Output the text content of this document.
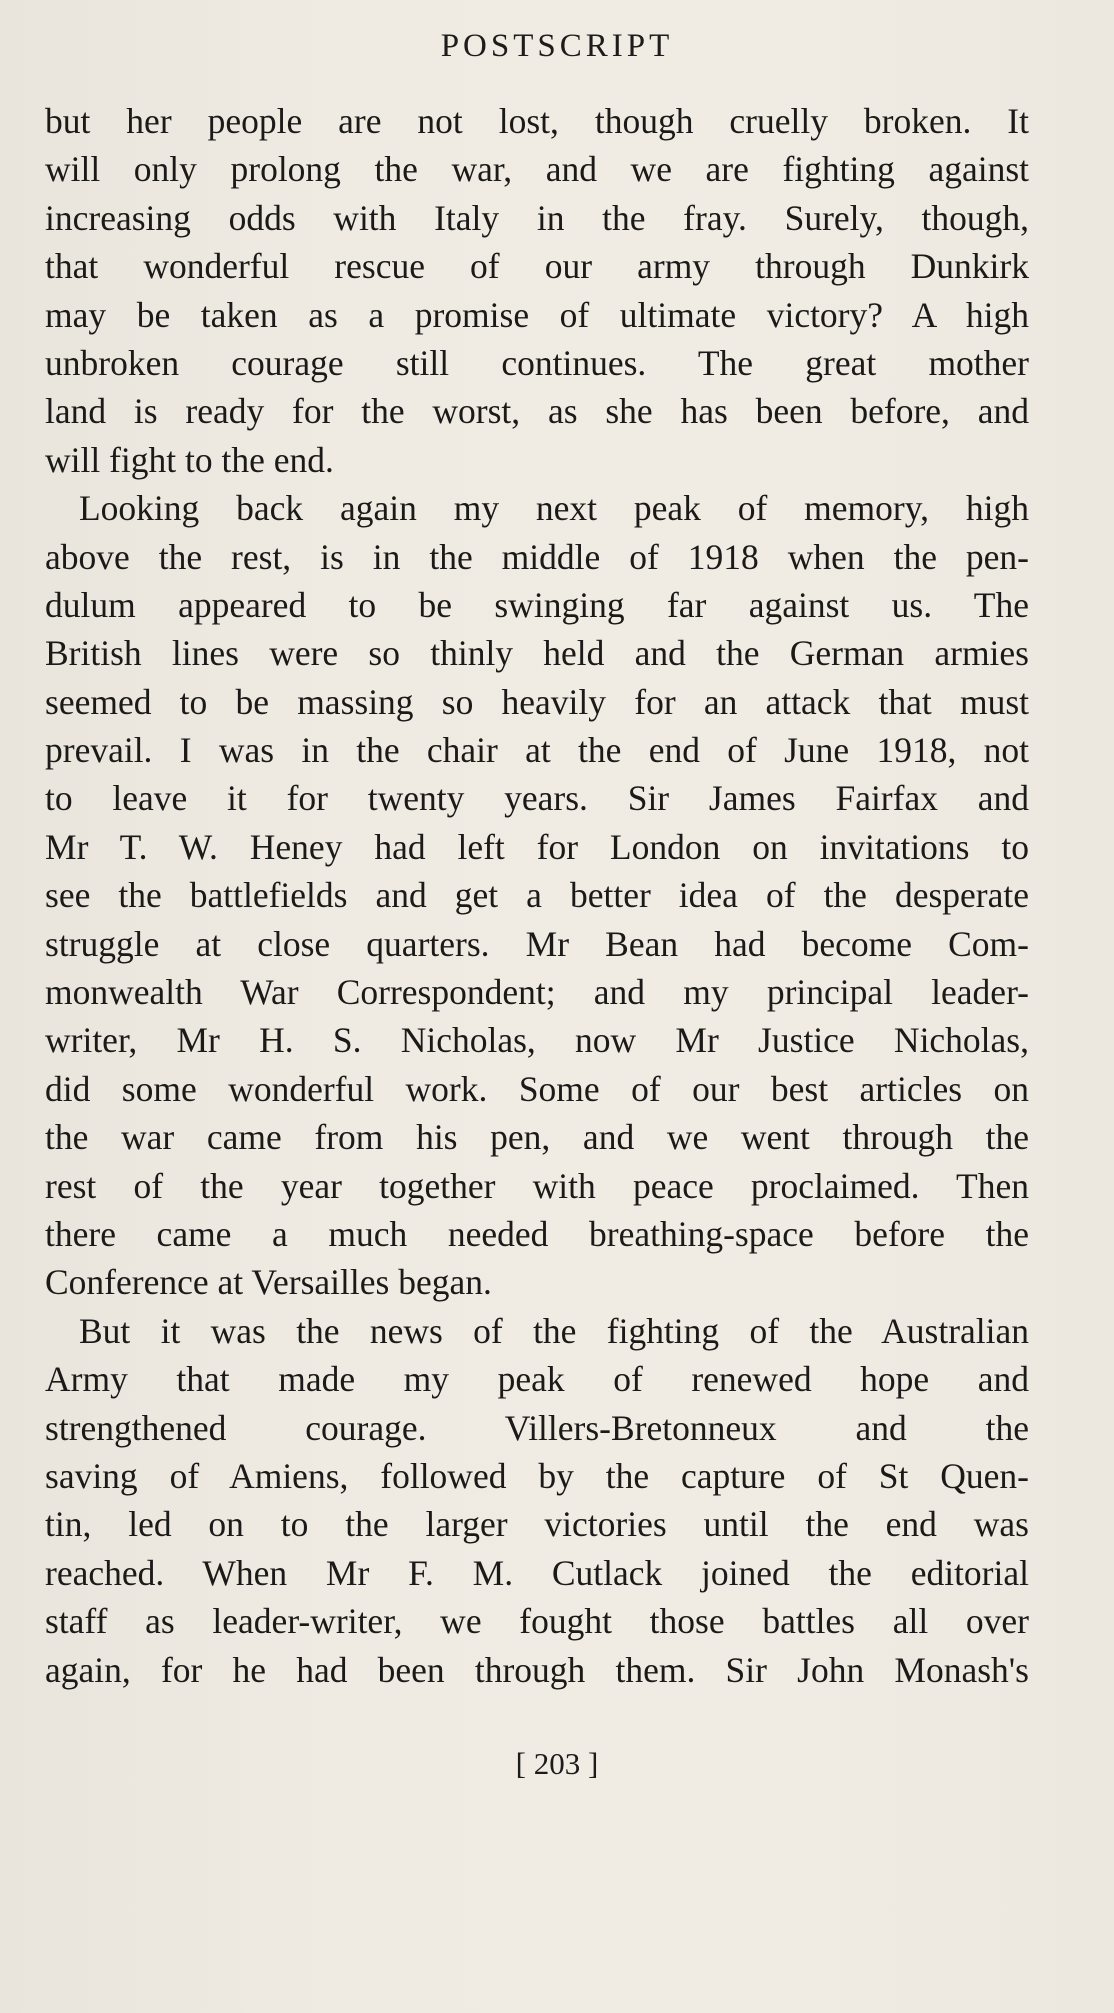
POSTSCRIPT
but her people are not lost, though cruelly broken. It
will only prolong the war, and we are fighting against
increasing odds with Italy in the fray. Surely, though,
that wonderful rescue of our army through Dunkirk
may be taken as a promise of ultimate victory? A high
unbroken courage still continues. The great mother
land is ready for the worst, as she has been before, and
will fight to the end.
Looking back again my next peak of memory, high
above the rest, is in the middle of 1918 when the pen-
dulum appeared to be swinging far against us. The
British lines were so thinly held and the German armies
seemed to be massing so heavily for an attack that must
prevail. I was in the chair at the end of June 1918, not
to leave it for twenty years. Sir James Fairfax and
Mr T. W. Heney had left for London on invitations to
see the battlefields and get a better idea of the desperate
struggle at close quarters. Mr Bean had become Com-
monwealth War Correspondent; and my principal leader-
writer, Mr H. S. Nicholas, now Mr Justice Nicholas,
did some wonderful work. Some of our best articles on
the war came from his pen, and we went through the
rest of the year together with peace proclaimed. Then
there came a much needed breathing-space before the
Conference at Versailles began.
But it was the news of the fighting of the Australian
Army that made my peak of renewed hope and
strengthened courage. Villers-Bretonneux and the
saving of Amiens, followed by the capture of St Quen-
tin, led on to the larger victories until the end was
reached. When Mr F. M. Cutlack joined the editorial
staff as leader-writer, we fought those battles all over
again, for he had been through them. Sir John Monash's
[ 203 ]
